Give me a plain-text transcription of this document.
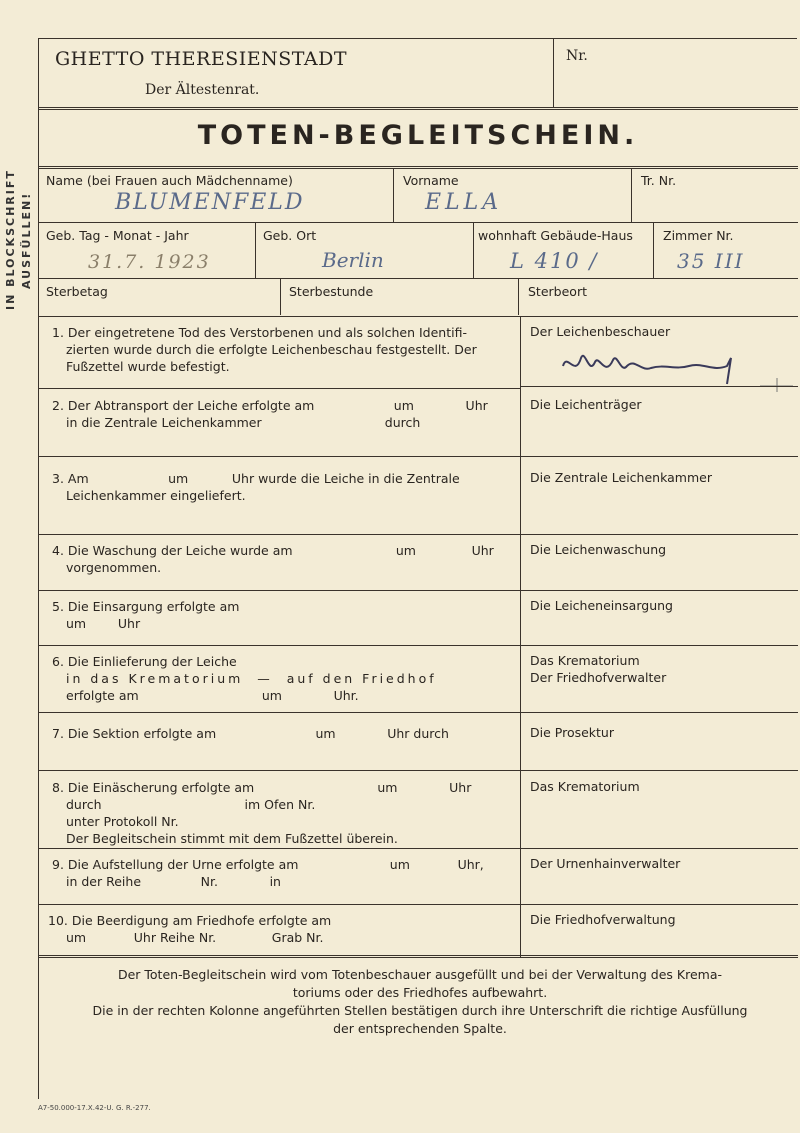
IN BLOCKSCHRIFT AUSFÜLLEN!
GHETTO THERESIENSTADT
Der Ältestenrat.
Nr.
TOTEN-BEGLEITSCHEIN.
Name (bei Frauen auch Mädchenname)
BLUMENFELD
Vorname
ELLA
Tr. Nr.
Geb. Tag - Monat - Jahr
31.7. 1923
Geb. Ort
Berlin
wohnhaft Gebäude-Haus
L 410 /
Zimmer Nr.
35 III
Sterbetag	Sterbestunde	Sterbeort
1. Der eingetretene Tod des Verstorbenen und als solchen Identifi-
zierten wurde durch die erfolgte Leichenbeschau festgestellt. Der
Fußzettel wurde befestigt.
Der Leichenbeschauer
2. Der Abtransport der Leiche erfolgte am                    um             Uhr
in die Zentrale Leichenkammer                               durch
Die Leichenträger
3. Am                    um           Uhr wurde die Leiche in die Zentrale
Leichenkammer eingeliefert.
Die Zentrale Leichenkammer
4. Die Waschung der Leiche wurde am                          um              Uhr
vorgenommen.
Die Leichenwaschung
5. Die Einsargung erfolgte am
um        Uhr
Die Leicheneinsargung
6. Die Einlieferung der Leiche
in das Krematorium  —  auf den Friedhof
erfolgte am                               um             Uhr.
Das Krematorium
Der Friedhofverwalter
7. Die Sektion erfolgte am                         um             Uhr durch	Die Prosektur
8. Die Einäscherung erfolgte am                               um             Uhr
durch                                    im Ofen Nr.
unter Protokoll Nr.
Der Begleitschein stimmt mit dem Fußzettel überein.
Das Krematorium
9. Die Aufstellung der Urne erfolgte am                       um            Uhr,
in der Reihe               Nr.             in
Der Urnenhainverwalter
10. Die Beerdigung am Friedhofe erfolgte am
um            Uhr Reihe Nr.              Grab Nr.
Die Friedhofverwaltung
Der Toten-Begleitschein wird vom Totenbeschauer ausgefüllt und bei der Verwaltung des Krema-
toriums oder des Friedhofes aufbewahrt.
Die in der rechten Kolonne angeführten Stellen bestätigen durch ihre Unterschrift die richtige Ausfüllung
der entsprechenden Spalte.
A7-50.000-17.X.42-U. G. R.-277.
